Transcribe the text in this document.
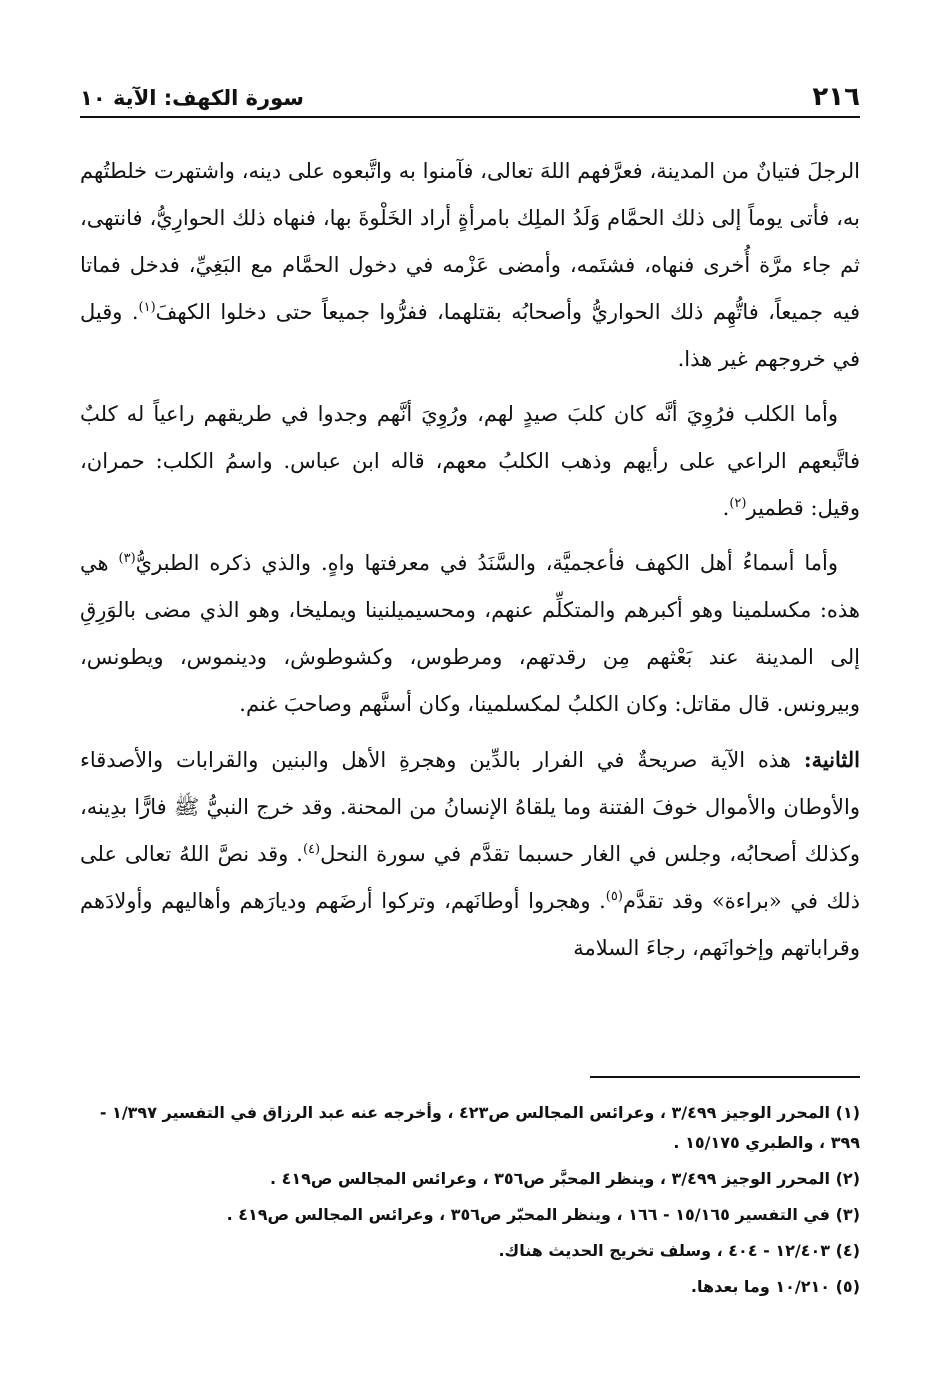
٢١٦
سورة الكهف: الآية ١٠

الرجلَ فتيانٌ من المدينة، فعرَّفهم اللهَ تعالى، فآمنوا به واتَّبعوه على دينه، واشتهرت خلطتُهم به، فأتى يوماً إلى ذلك الحمَّام وَلَدُ الملِك بامرأةٍ أراد الخَلْوةَ بها، فنهاه ذلك الحوارِيُّ، فانتهى، ثم جاء مرَّة أُخرى فنهاه، فشتَمه، وأمضى عَزْمه في دخول الحمَّام مع البَغِيِّ، فدخل فماتا فيه جميعاً، فاتُّهِم ذلك الحواريُّ وأصحابُه بقتلهما، ففرُّوا جميعاً حتى دخلوا الكهفَ$^{(١)}$. وقيل في خروجهم غير هذا.

وأما الكلب فرُوِيَ أنَّه كان كلبَ صيدٍ لهم، ورُوِيَ أنَّهم وجدوا في طريقهم راعياً له كلبٌ فاتَّبعهم الراعي على رأيهم وذهب الكلبُ معهم، قاله ابن عباس. واسمُ الكلب: حمران، وقيل: قطمير$^{(٢)}$.

وأما أسماءُ أهل الكهف فأعجميَّة، والسَّنَدُ في معرفتها واهٍ. والذي ذكره الطبريُّ$^{(٣)}$ هي هذه: مكسلمينا وهو أكبرهم والمتكلِّم عنهم، ومحسيميلنينا ويمليخا، وهو الذي مضى بالوَرِقِ إلى المدينة عند بَعْثهم مِن رقدتهم، ومرطوس، وكشوطوش، ودينموس، ويطونس، وبيرونس. قال مقاتل: وكان الكلبُ لمكسلمينا، وكان أسنَّهم وصاحبَ غنم.

الثانية: هذه الآية صريحةٌ في الفرار بالدِّين وهجرةِ الأهل والبنين والقرابات والأصدقاء والأوطان والأموال خوفَ الفتنة وما يلقاهُ الإنسانُ من المحنة. وقد خرج النبيُّ ﷺ فارًّا بدِينه، وكذلك أصحابُه، وجلس في الغار حسبما تقدَّم في سورة النحل$^{(٤)}$. وقد نصَّ اللهُ تعالى على ذلك في «براءة» وقد تقدَّم$^{(٥)}$. وهجروا أوطانَهم، وتركوا أرضَهم وديارَهم وأهاليهم وأولادَهم وقراباتهم وإخوانَهم، رجاءَ السلامة

(١) المحرر الوجيز ٣/٤٩٩ ، وعرائس المجالس ص٤٢٣ ، وأخرجه عنه عبد الرزاق في التفسير ١/٣٩٧ - ٣٩٩ ، والطبري ١٥/١٧٥ .

(٢) المحرر الوجيز ٣/٤٩٩ ، وينظر المحبَّر ص٣٥٦ ، وعرائس المجالس ص٤١٩ .

(٣) في التفسير ١٥/١٦٥ - ١٦٦ ، وينظر المحبّر ص٣٥٦ ، وعرائس المجالس ص٤١٩ .

(٤) ١٢/٤٠٣ - ٤٠٤ ، وسلف تخريج الحديث هناك.

(٥) ١٠/٢١٠ وما بعدها.
